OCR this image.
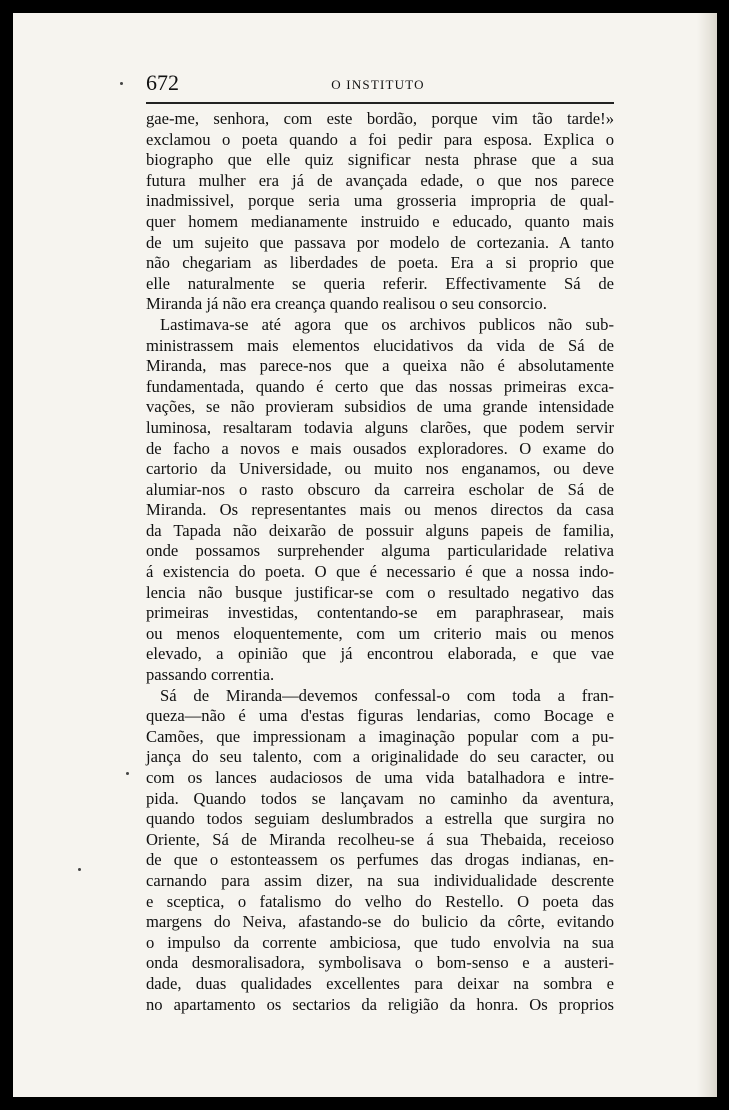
672	O INSTITUTO
gae-me, senhora, com este bordão, porque vim tão tarde!»
exclamou o poeta quando a foi pedir para esposa. Explica o
biographo que elle quiz significar nesta phrase que a sua
futura mulher era já de avançada edade, o que nos parece
inadmissivel, porque seria uma grosseria impropria de qual-
quer homem medianamente instruido e educado, quanto mais
de um sujeito que passava por modelo de cortezania. A tanto
não chegariam as liberdades de poeta. Era a si proprio que
elle naturalmente se queria referir. Effectivamente Sá de
Miranda já não era creança quando realisou o seu consorcio.
Lastimava-se até agora que os archivos publicos não sub-
ministrassem mais elementos elucidativos da vida de Sá de
Miranda, mas parece-nos que a queixa não é absolutamente
fundamentada, quando é certo que das nossas primeiras exca-
vações, se não provieram subsidios de uma grande intensidade
luminosa, resaltaram todavia alguns clarões, que podem servir
de facho a novos e mais ousados exploradores. O exame do
cartorio da Universidade, ou muito nos enganamos, ou deve
alumiar-nos o rasto obscuro da carreira escholar de Sá de
Miranda. Os representantes mais ou menos directos da casa
da Tapada não deixarão de possuir alguns papeis de familia,
onde possamos surprehender alguma particularidade relativa
á existencia do poeta. O que é necessario é que a nossa indo-
lencia não busque justificar-se com o resultado negativo das
primeiras investidas, contentando-se em paraphrasear, mais
ou menos eloquentemente, com um criterio mais ou menos
elevado, a opinião que já encontrou elaborada, e que vae
passando correntia.
Sá de Miranda—devemos confessal-o com toda a fran-
queza—não é uma d'estas figuras lendarias, como Bocage e
Camões, que impressionam a imaginação popular com a pu-
jança do seu talento, com a originalidade do seu caracter, ou
com os lances audaciosos de uma vida batalhadora e intre-
pida. Quando todos se lançavam no caminho da aventura,
quando todos seguiam deslumbrados a estrella que surgira no
Oriente, Sá de Miranda recolheu-se á sua Thebaida, receioso
de que o estonteassem os perfumes das drogas indianas, en-
carnando para assim dizer, na sua individualidade descrente
e sceptica, o fatalismo do velho do Restello. O poeta das
margens do Neiva, afastando-se do bulicio da côrte, evitando
o impulso da corrente ambiciosa, que tudo envolvia na sua
onda desmoralisadora, symbolisava o bom-senso e a austeri-
dade, duas qualidades excellentes para deixar na sombra e
no apartamento os sectarios da religião da honra. Os proprios
